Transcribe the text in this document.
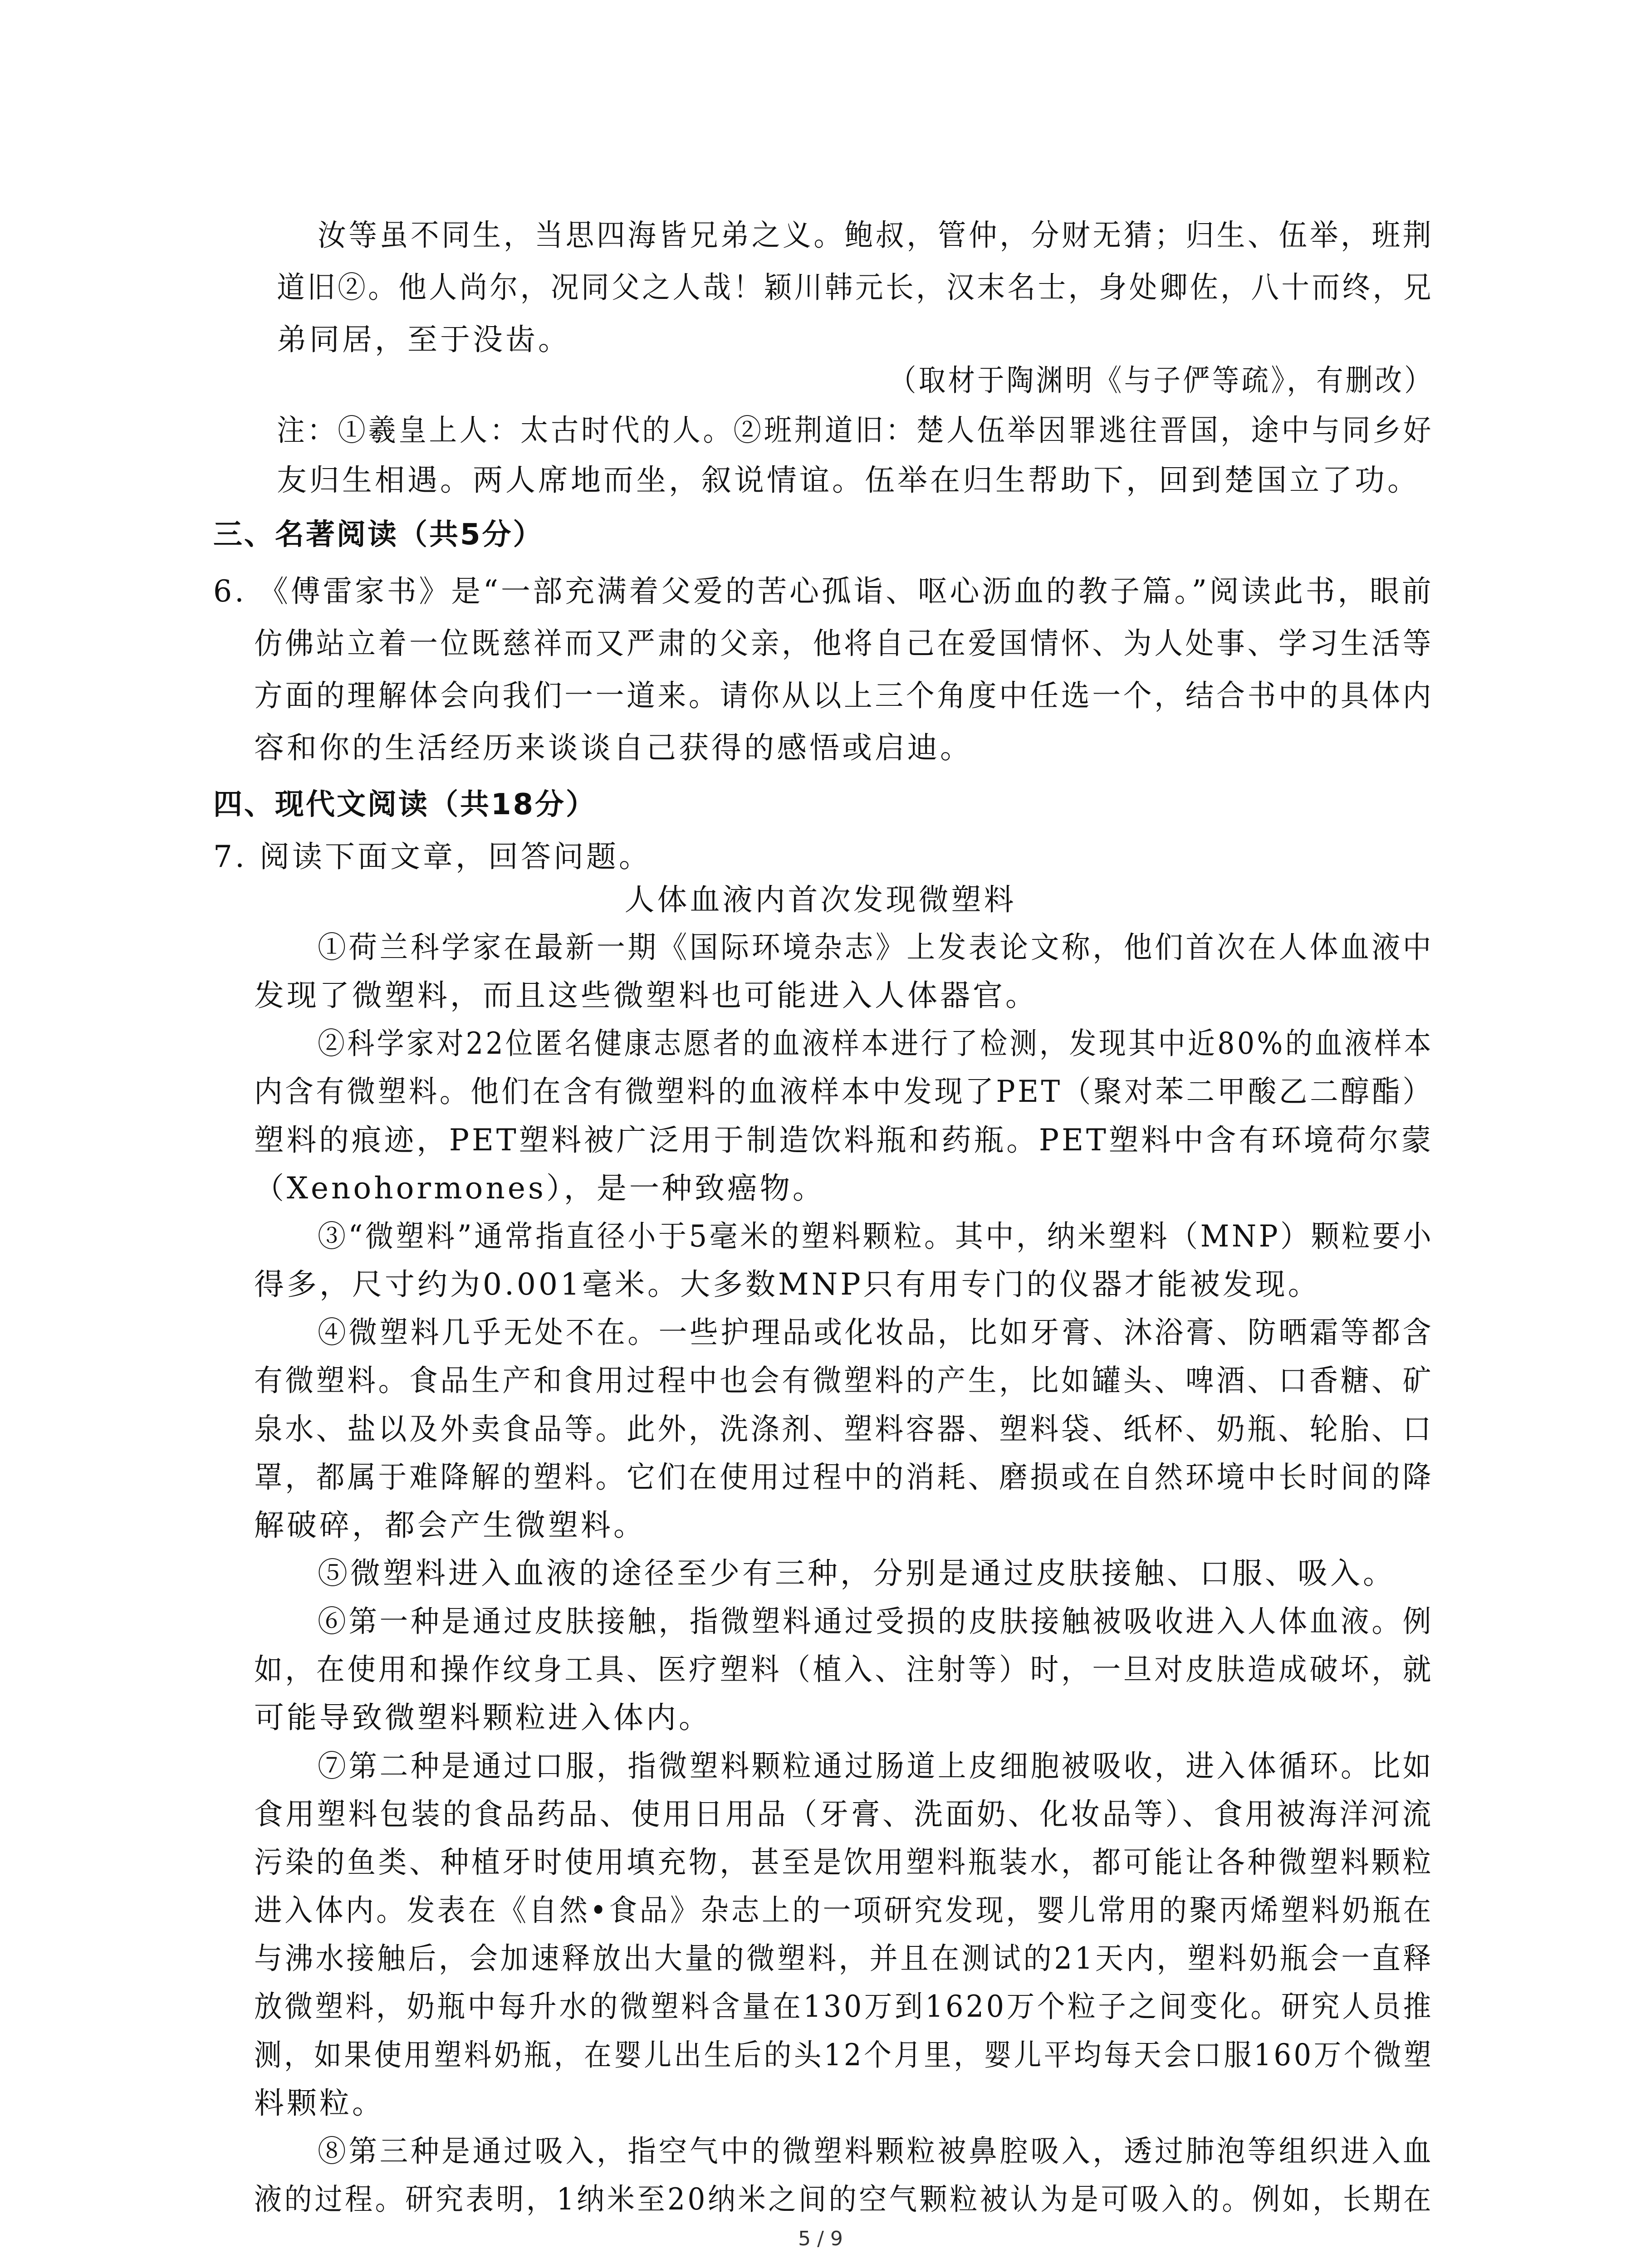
汝等虽不同生，当思四海皆兄弟之义。鲍叔，管仲，分财无猜；归生、伍举，班荆
道旧②。他人尚尔，况同父之人哉！颖川韩元长，汉末名士，身处卿佐，八十而终，兄
弟同居，至于没齿。
（取材于陶渊明《与子俨等疏》，有删改）
注：①羲皇上人：太古时代的人。②班荆道旧：楚人伍举因罪逃往晋国，途中与同乡好
友归生相遇。两人席地而坐，叙说情谊。伍举在归生帮助下，回到楚国立了功。
三、名著阅读（共5分）
6. 《傅雷家书》是“一部充满着父爱的苦心孤诣、呕心沥血的教子篇。”阅读此书，眼前
仿佛站立着一位既慈祥而又严肃的父亲，他将自己在爱国情怀、为人处事、学习生活等
方面的理解体会向我们一一道来。请你从以上三个角度中任选一个，结合书中的具体内
容和你的生活经历来谈谈自己获得的感悟或启迪。
四、现代文阅读（共18分）
7. 阅读下面文章，回答问题。
人体血液内首次发现微塑料
①荷兰科学家在最新一期《国际环境杂志》上发表论文称，他们首次在人体血液中
发现了微塑料，而且这些微塑料也可能进入人体器官。
②科学家对22位匿名健康志愿者的血液样本进行了检测，发现其中近80%的血液样本
内含有微塑料。他们在含有微塑料的血液样本中发现了PET（聚对苯二甲酸乙二醇酯）
塑料的痕迹，PET塑料被广泛用于制造饮料瓶和药瓶。PET塑料中含有环境荷尔蒙
（Xenohormones），是一种致癌物。
③“微塑料”通常指直径小于5毫米的塑料颗粒。其中，纳米塑料（MNP）颗粒要小
得多，尺寸约为0.001毫米。大多数MNP只有用专门的仪器才能被发现。
④微塑料几乎无处不在。一些护理品或化妆品，比如牙膏、沐浴膏、防晒霜等都含
有微塑料。食品生产和食用过程中也会有微塑料的产生，比如罐头、啤酒、口香糖、矿
泉水、盐以及外卖食品等。此外，洗涤剂、塑料容器、塑料袋、纸杯、奶瓶、轮胎、口
罩，都属于难降解的塑料。它们在使用过程中的消耗、磨损或在自然环境中长时间的降
解破碎，都会产生微塑料。
⑤微塑料进入血液的途径至少有三种，分别是通过皮肤接触、口服、吸入。
⑥第一种是通过皮肤接触，指微塑料通过受损的皮肤接触被吸收进入人体血液。例
如，在使用和操作纹身工具、医疗塑料（植入、注射等）时，一旦对皮肤造成破坏，就
可能导致微塑料颗粒进入体内。
⑦第二种是通过口服，指微塑料颗粒通过肠道上皮细胞被吸收，进入体循环。比如
食用塑料包装的食品药品、使用日用品（牙膏、洗面奶、化妆品等）、食用被海洋河流
污染的鱼类、种植牙时使用填充物，甚至是饮用塑料瓶装水，都可能让各种微塑料颗粒
进入体内。发表在《自然•食品》杂志上的一项研究发现，婴儿常用的聚丙烯塑料奶瓶在
与沸水接触后，会加速释放出大量的微塑料，并且在测试的21天内，塑料奶瓶会一直释
放微塑料，奶瓶中每升水的微塑料含量在130万到1620万个粒子之间变化。研究人员推
测，如果使用塑料奶瓶，在婴儿出生后的头12个月里，婴儿平均每天会口服160万个微塑
料颗粒。
⑧第三种是通过吸入，指空气中的微塑料颗粒被鼻腔吸入，透过肺泡等组织进入血
液的过程。研究表明，1纳米至20纳米之间的空气颗粒被认为是可吸入的。例如，长期在
5 / 9
